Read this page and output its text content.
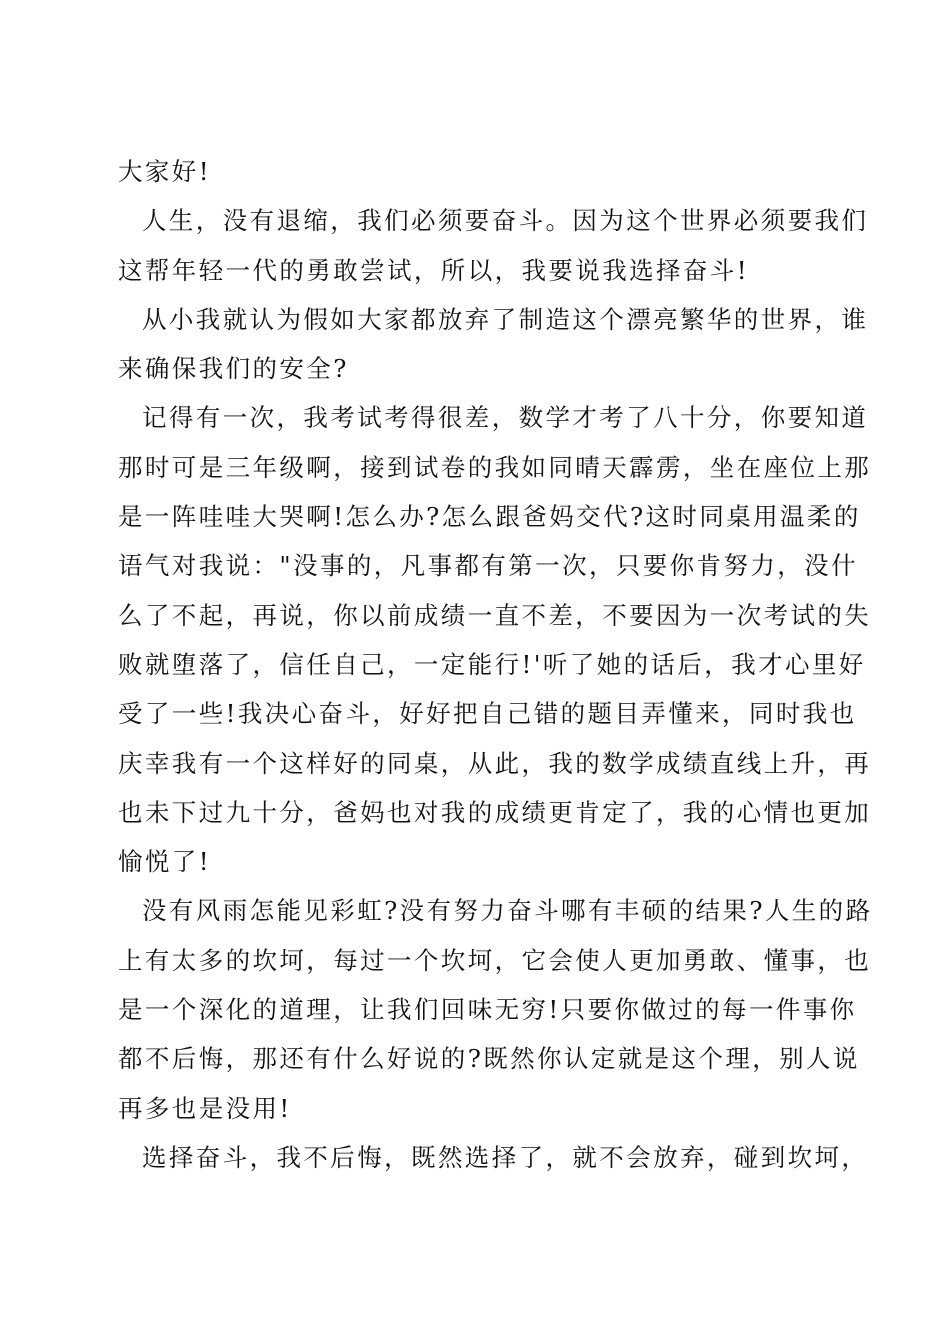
大家好!
人生，没有退缩，我们必须要奋斗。因为这个世界必须要我们
这帮年轻一代的勇敢尝试，所以，我要说我选择奋斗!
从小我就认为假如大家都放弃了制造这个漂亮繁华的世界，谁
来确保我们的安全?
记得有一次，我考试考得很差，数学才考了八十分，你要知道
那时可是三年级啊，接到试卷的我如同晴天霹雳，坐在座位上那
是一阵哇哇大哭啊!怎么办?怎么跟爸妈交代?这时同桌用温柔的
语气对我说："没事的，凡事都有第一次，只要你肯努力，没什
么了不起，再说，你以前成绩一直不差，不要因为一次考试的失
败就堕落了，信任自己，一定能行!'听了她的话后，我才心里好
受了一些!我决心奋斗，好好把自己错的题目弄懂来，同时我也
庆幸我有一个这样好的同桌，从此，我的数学成绩直线上升，再
也未下过九十分，爸妈也对我的成绩更肯定了，我的心情也更加
愉悦了!
没有风雨怎能见彩虹?没有努力奋斗哪有丰硕的结果?人生的路
上有太多的坎坷，每过一个坎坷，它会使人更加勇敢、懂事，也
是一个深化的道理，让我们回味无穷!只要你做过的每一件事你
都不后悔，那还有什么好说的?既然你认定就是这个理，别人说
再多也是没用!
选择奋斗，我不后悔，既然选择了，就不会放弃，碰到坎坷，
